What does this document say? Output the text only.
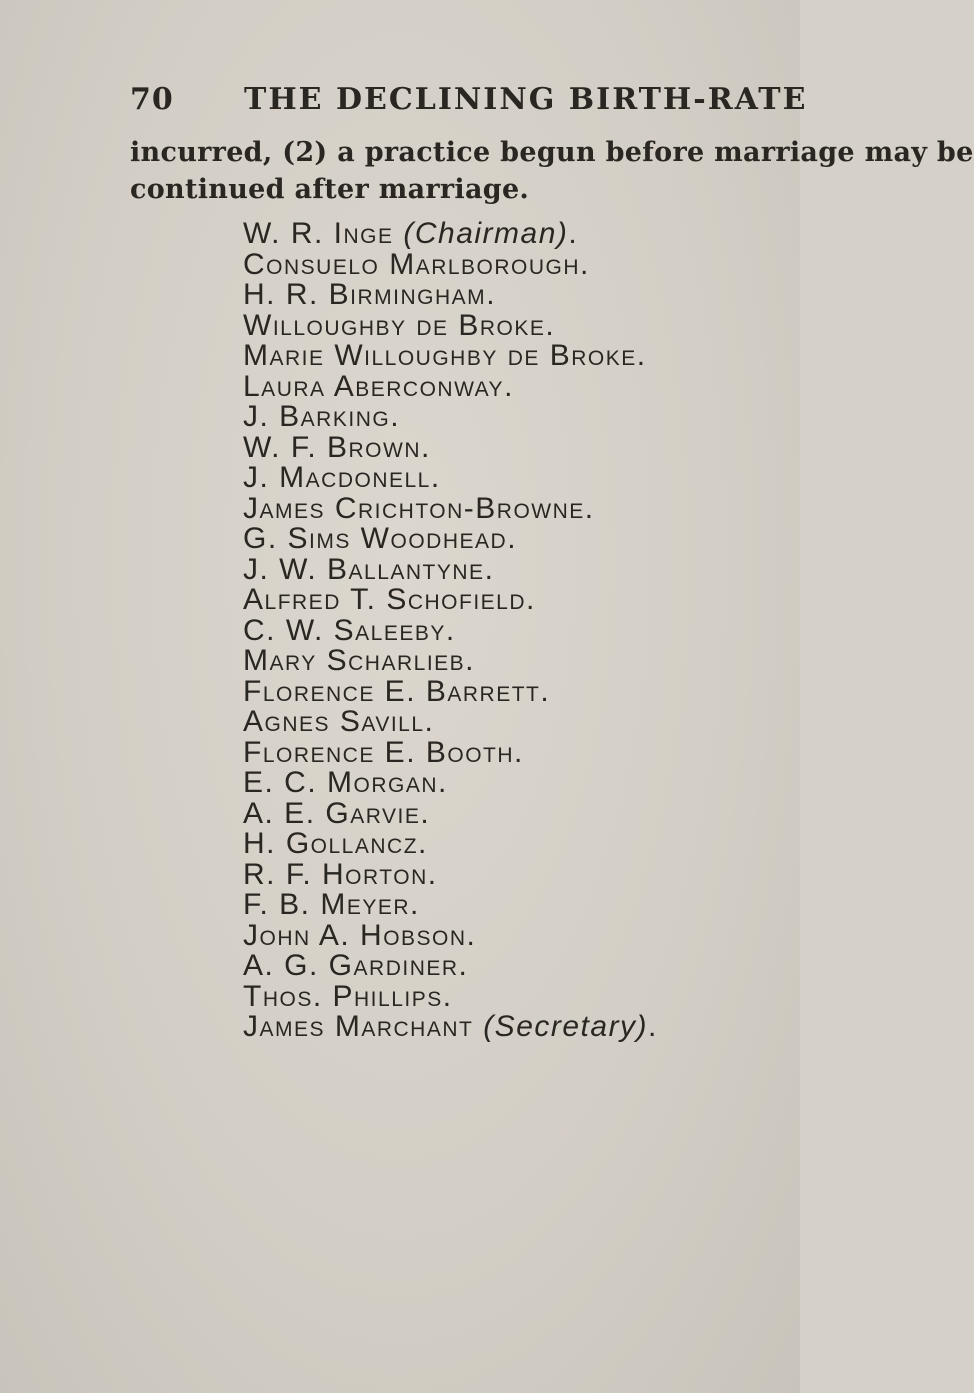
70 THE DECLINING BIRTH-RATE
incurred, (2) a practice begun before marriage may be
continued after marriage.
W. R. Inge (Chairman).
Consuelo Marlborough.
H. R. Birmingham.
Willoughby de Broke.
Marie Willoughby de Broke.
Laura Aberconway.
J. Barking.
W. F. Brown.
J. Macdonell.
James Crichton-Browne.
G. Sims Woodhead.
J. W. Ballantyne.
Alfred T. Schofield.
C. W. Saleeby.
Mary Scharlieb.
Florence E. Barrett.
Agnes Savill.
Florence E. Booth.
E. C. Morgan.
A. E. Garvie.
H. Gollancz.
R. F. Horton.
F. B. Meyer.
John A. Hobson.
A. G. Gardiner.
Thos. Phillips.
James Marchant (Secretary).
